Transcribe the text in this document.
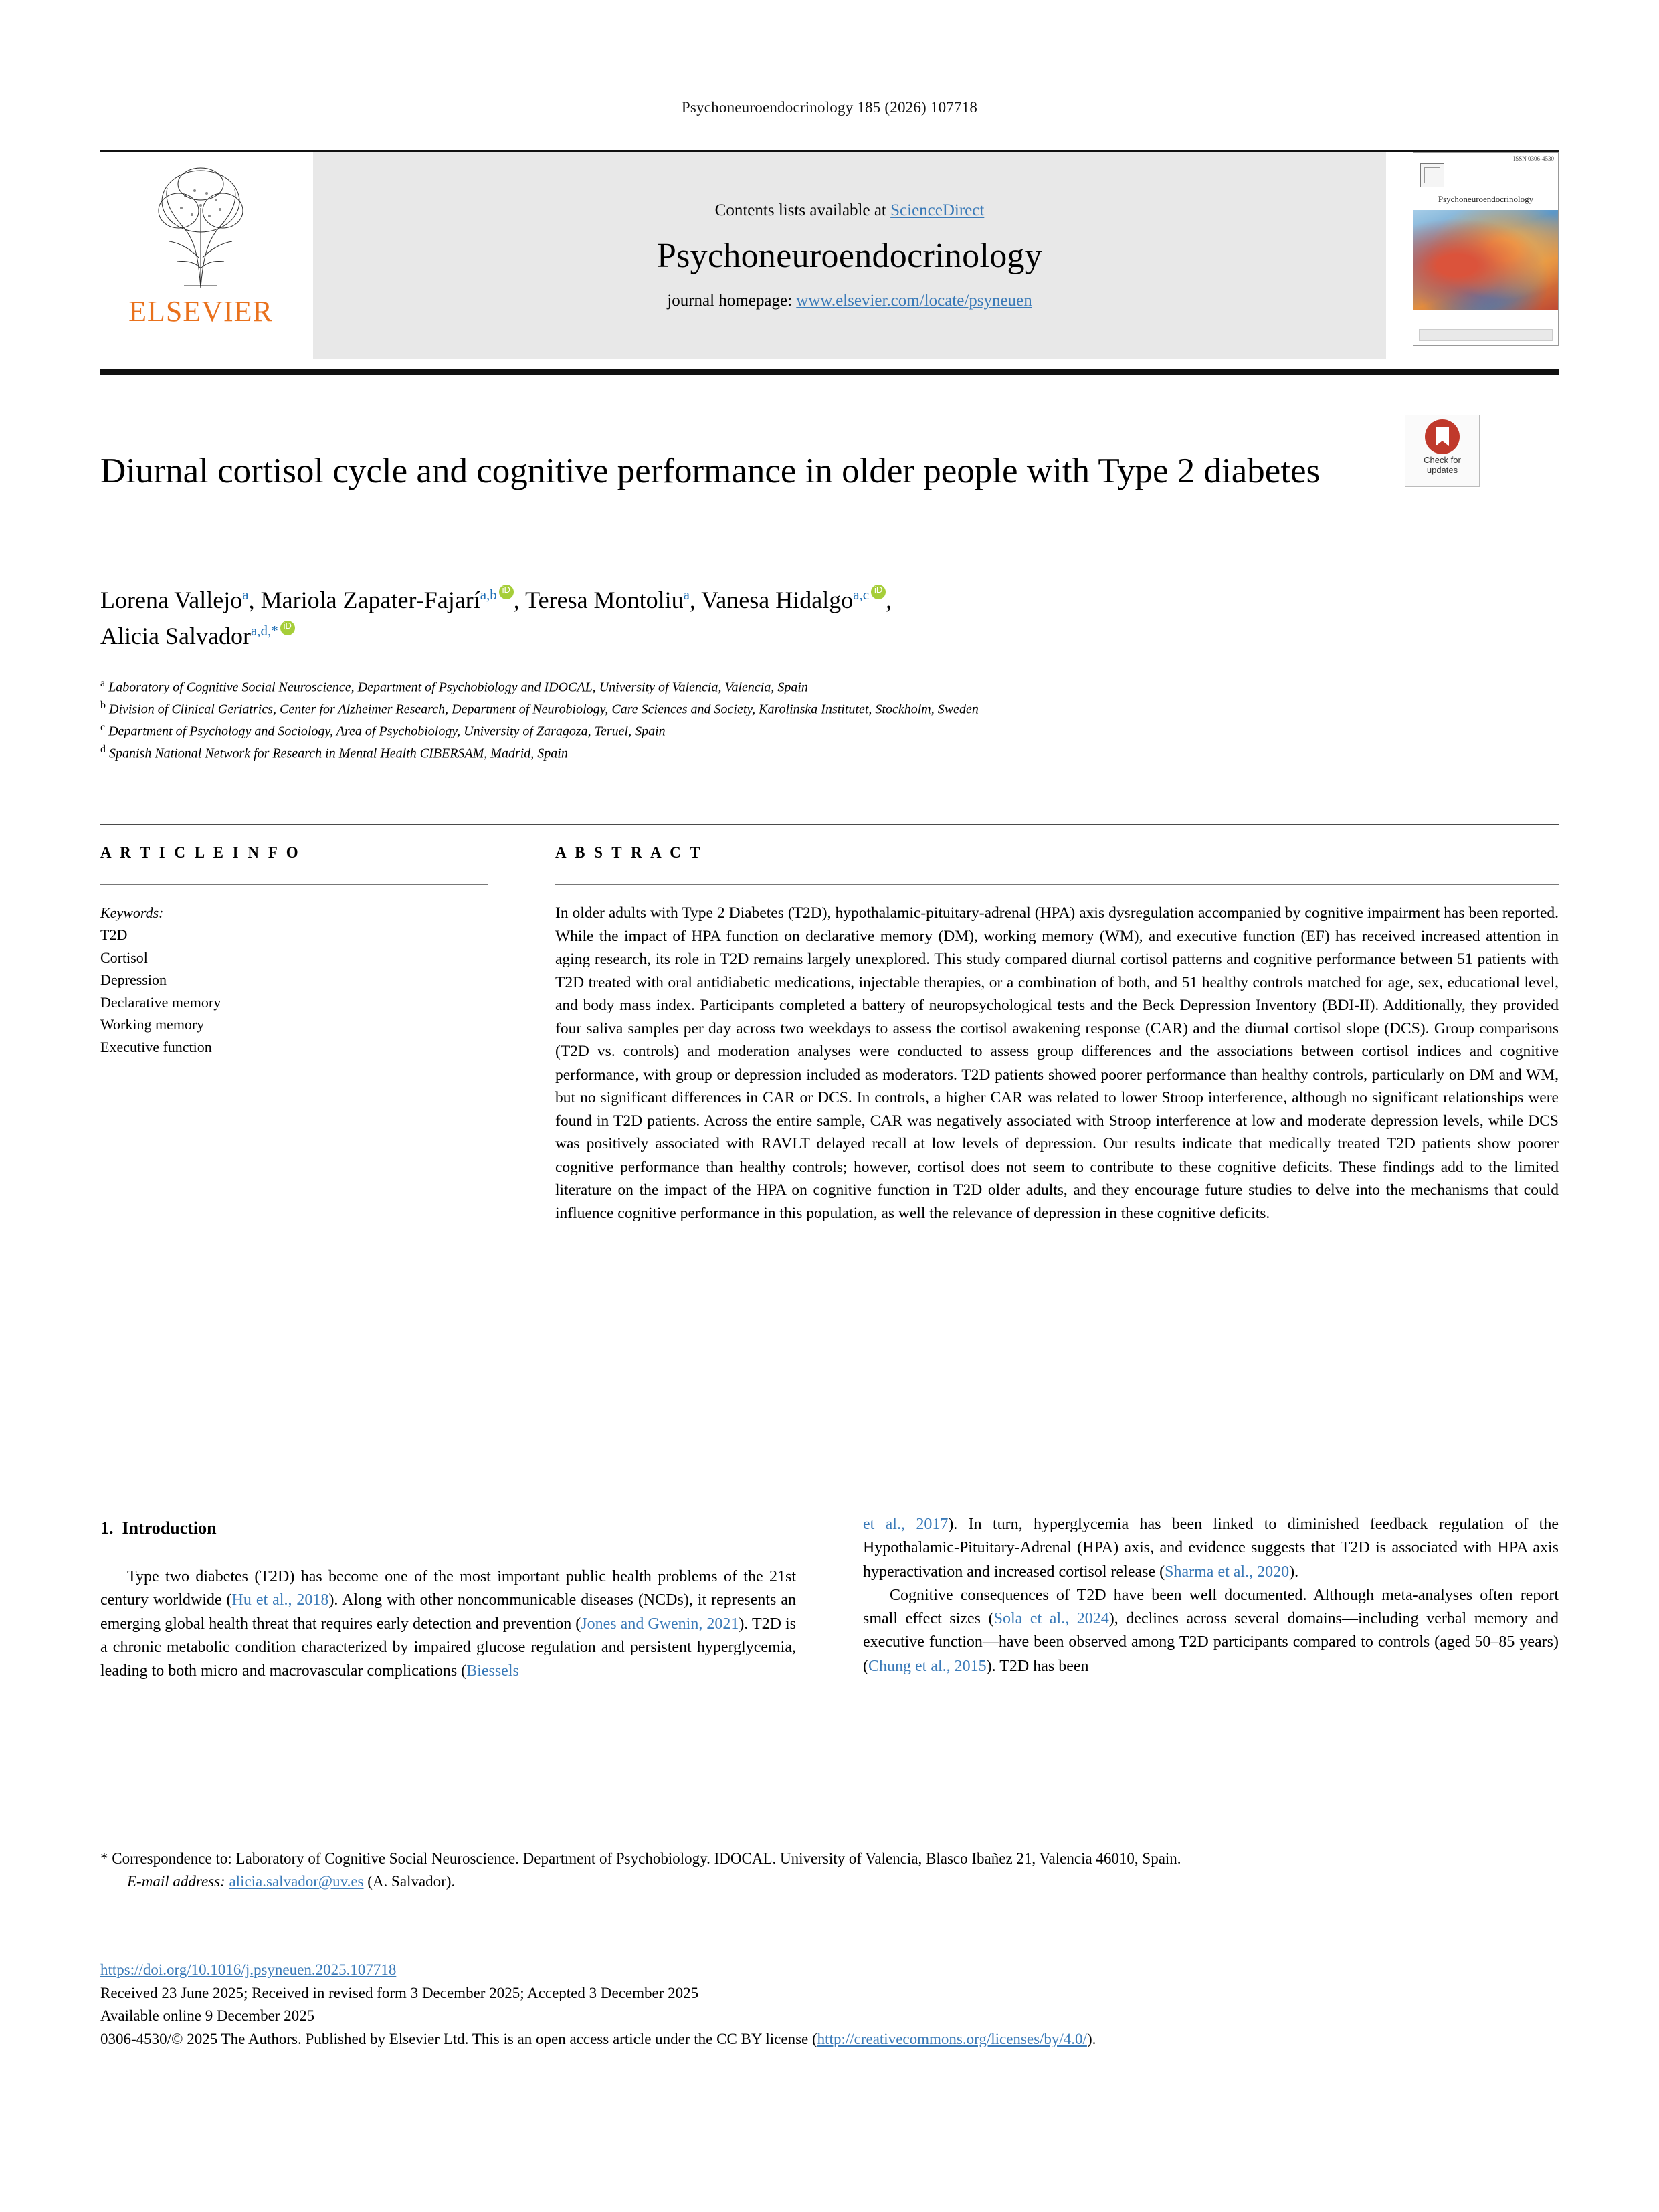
Psychoneuroendocrinology 185 (2026) 107718
ELSEVIER
Contents lists available at ScienceDirect
Psychoneuroendocrinology
journal homepage: www.elsevier.com/locate/psyneuen
ISSN 0306-4530
Psychoneuroendocrinology
Check for
updates
Diurnal cortisol cycle and cognitive performance in older people with Type 2 diabetes
Lorena Vallejo$^a$, Mariola Zapater-Fajarí$^{a,b}$ iD , Teresa Montoliu$^a$, Vanesa Hidalgo$^{a,c}$ iD ,
Alicia Salvador$^{a,d,*}$iD
$^a$ Laboratory of Cognitive Social Neuroscience, Department of Psychobiology and IDOCAL, University of Valencia, Valencia, Spain
$^b$ Division of Clinical Geriatrics, Center for Alzheimer Research, Department of Neurobiology, Care Sciences and Society, Karolinska Institutet, Stockholm, Sweden
$^c$ Department of Psychology and Sociology, Area of Psychobiology, University of Zaragoza, Teruel, Spain
$^d$ Spanish National Network for Research in Mental Health CIBERSAM, Madrid, Spain
A R T I C L E I N F O
Keywords:
T2D
Cortisol
Depression
Declarative memory
Working memory
Executive function
A B S T R A C T
In older adults with Type 2 Diabetes (T2D), hypothalamic-pituitary-adrenal (HPA) axis dysregulation accompanied by cognitive impairment has been reported. While the impact of HPA function on declarative memory (DM), working memory (WM), and executive function (EF) has received increased attention in aging research, its role in T2D remains largely unexplored. This study compared diurnal cortisol patterns and cognitive performance between 51 patients with T2D treated with oral antidiabetic medications, injectable therapies, or a combination of both, and 51 healthy controls matched for age, sex, educational level, and body mass index. Participants completed a battery of neuropsychological tests and the Beck Depression Inventory (BDI-II). Additionally, they provided four saliva samples per day across two weekdays to assess the cortisol awakening response (CAR) and the diurnal cortisol slope (DCS). Group comparisons (T2D vs. controls) and moderation analyses were conducted to assess group differences and the associations between cortisol indices and cognitive performance, with group or depression included as moderators. T2D patients showed poorer performance than healthy controls, particularly on DM and WM, but no significant differences in CAR or DCS. In controls, a higher CAR was related to lower Stroop interference, although no significant relationships were found in T2D patients. Across the entire sample, CAR was negatively associated with Stroop interference at low and moderate depression levels, while DCS was positively associated with RAVLT delayed recall at low levels of depression. Our results indicate that medically treated T2D patients show poorer cognitive performance than healthy controls; however, cortisol does not seem to contribute to these cognitive deficits. These findings add to the limited literature on the impact of the HPA on cognitive function in T2D older adults, and they encourage future studies to delve into the mechanisms that could influence cognitive performance in this population, as well the relevance of depression in these cognitive deficits.
1. Introduction

Type two diabetes (T2D) has become one of the most important public health problems of the 21st century worldwide (Hu et al., 2018). Along with other noncommunicable diseases (NCDs), it represents an emerging global health threat that requires early detection and prevention (Jones and Gwenin, 2021). T2D is a chronic metabolic condition characterized by impaired glucose regulation and persistent hyperglycemia, leading to both micro and macrovascular complications (Biessels

et al., 2017). In turn, hyperglycemia has been linked to diminished feedback regulation of the Hypothalamic-Pituitary-Adrenal (HPA) axis, and evidence suggests that T2D is associated with HPA axis hyperactivation and increased cortisol release (Sharma et al., 2020).

Cognitive consequences of T2D have been well documented. Although meta-analyses often report small effect sizes (Sola et al., 2024), declines across several domains—including verbal memory and executive function—have been observed among T2D participants compared to controls (aged 50–85 years) (Chung et al., 2015). T2D has been

* Correspondence to: Laboratory of Cognitive Social Neuroscience. Department of Psychobiology. IDOCAL. University of Valencia, Blasco Ibañez 21, Valencia 46010, Spain.
E-mail address: alicia.salvador@uv.es (A. Salvador).
https://doi.org/10.1016/j.psyneuen.2025.107718
Received 23 June 2025; Received in revised form 3 December 2025; Accepted 3 December 2025
Available online 9 December 2025
0306-4530/© 2025 The Authors. Published by Elsevier Ltd. This is an open access article under the CC BY license (http://creativecommons.org/licenses/by/4.0/).
